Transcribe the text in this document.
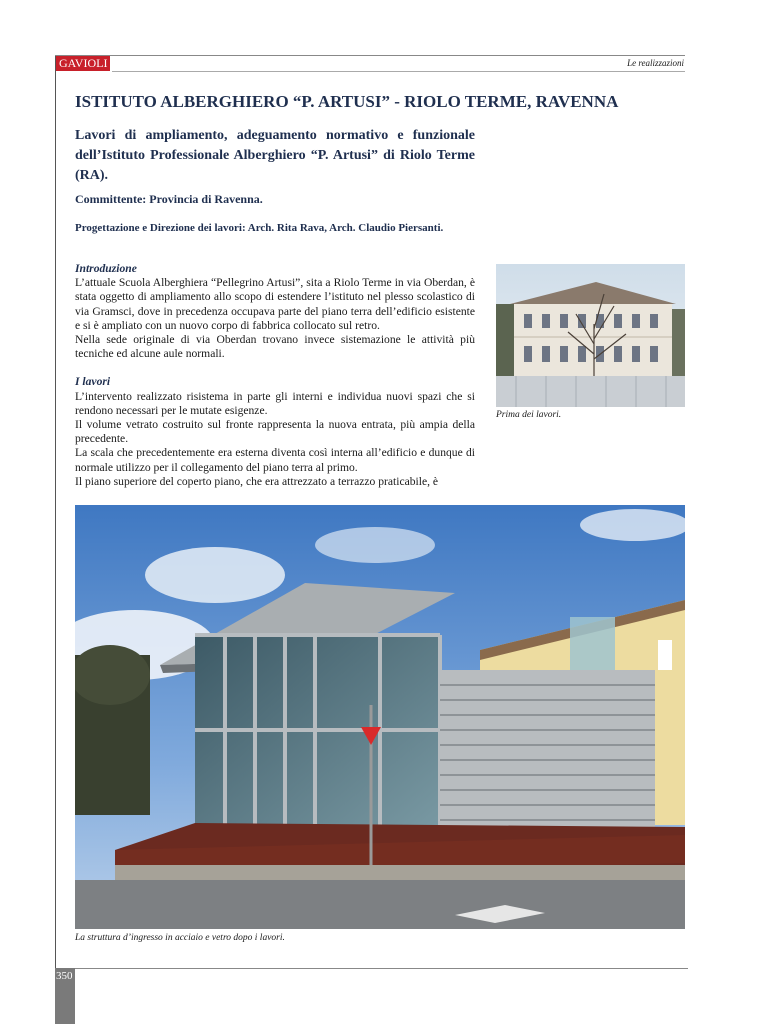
GAVIOLI	Le realizzazioni
ISTITUTO ALBERGHIERO “P. ARTUSI” - RIOLO TERME, RAVENNA

Lavori di ampliamento, adeguamento normativo e funzionale dell’Istituto Professionale Alberghiero “P. Artusi” di Riolo Terme (RA).

Committente: Provincia di Ravenna.

Progettazione e Direzione dei lavori: Arch. Rita Rava, Arch. Claudio Piersanti.

Introduzione

L’attuale Scuola Alberghiera “Pellegrino Artusi”, sita a Riolo Terme in via Oberdan, è stata oggetto di ampliamento allo scopo di estendere l’istituto nel plesso scolastico di via Gramsci, dove in precedenza occupava parte del piano terra dell’edificio esistente e si è ampliato con un nuovo corpo di fabbrica collocato sul retro.

Nella sede originale di via Oberdan trovano invece sistemazione le attività più tecniche ed alcune aule normali.

I lavori

L’intervento realizzato risistema in parte gli interni e individua nuovi spazi che si rendono necessari per le mutate esigenze.

Il volume vetrato costruito sul fronte rappresenta la nuova entrata, più ampia della precedente.

La scala che precedentemente era esterna diventa così interna all’edificio e dunque di normale utilizzo per il collegamento del piano terra al primo.

Il piano superiore del coperto piano, che era attrezzato a terrazzo praticabile, è

Prima dei lavori.
La struttura d’ingresso in acciaio e vetro dopo i lavori.
350
